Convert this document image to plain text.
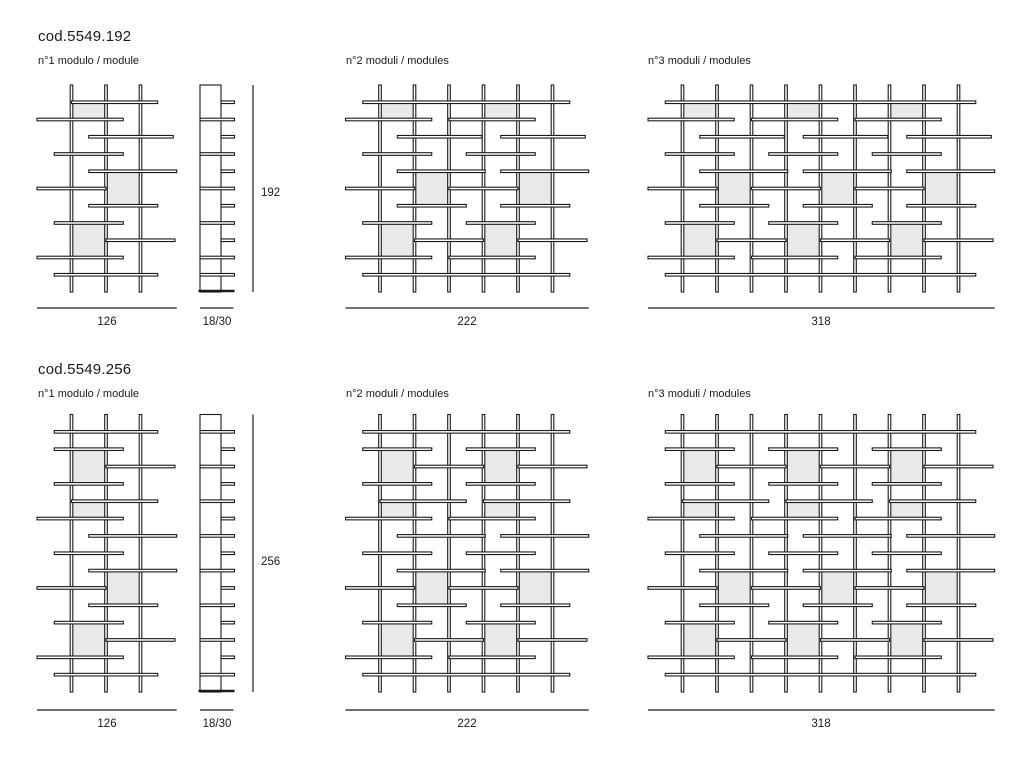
cod.5549.192
n°1 modulo / module	n°2 moduli / modules	n°3 moduli / modules
126	18/30	222	318
192
cod.5549.256
n°1 modulo / module	n°2 moduli / modules	n°3 moduli / modules
126	18/30	222	318
256
